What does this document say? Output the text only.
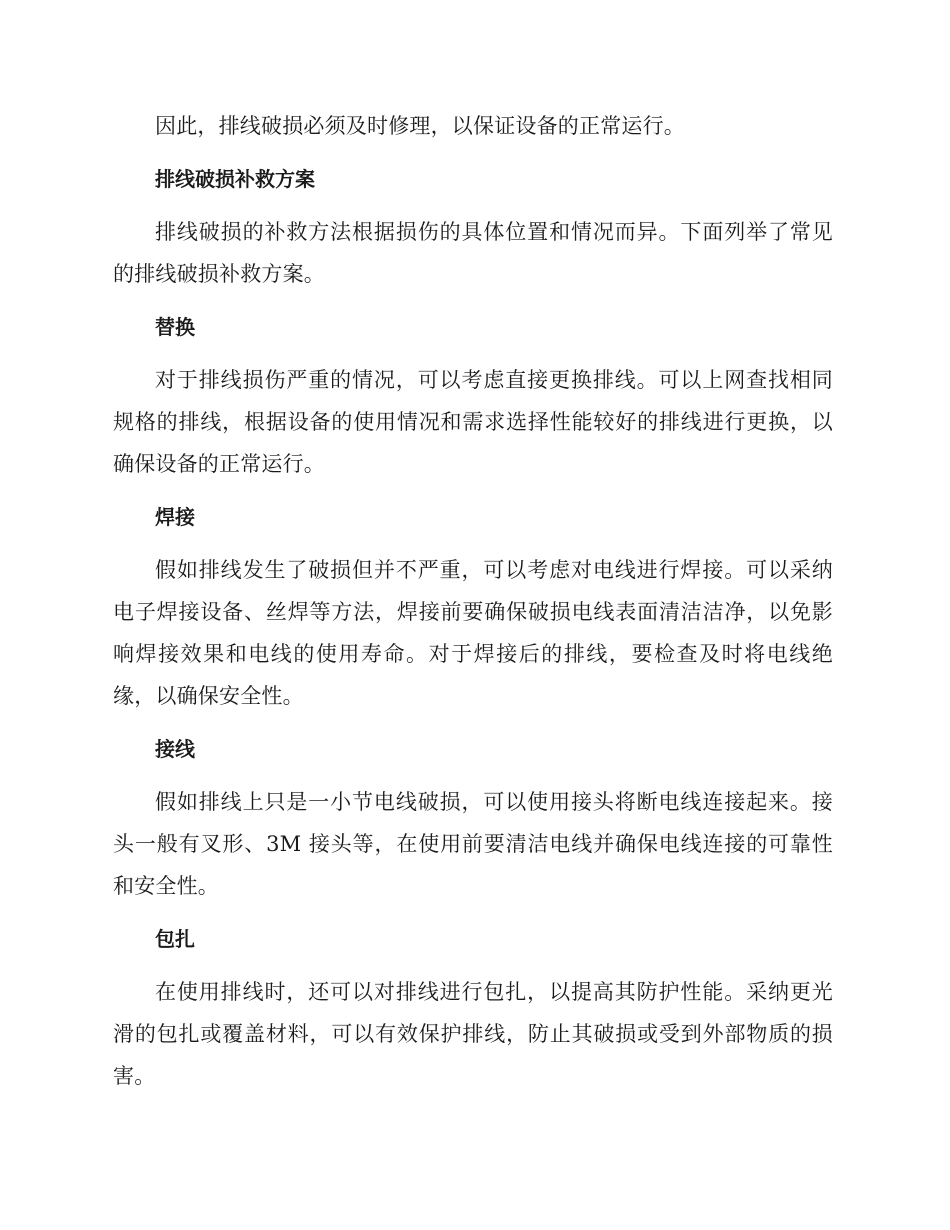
因此，排线破损必须及时修理，以保证设备的正常运行。

排线破损补救方案

排线破损的补救方法根据损伤的具体位置和情况而异。下面列举了常见的排线破损补救方案。

替换

对于排线损伤严重的情况，可以考虑直接更换排线。可以上网查找相同规格的排线，根据设备的使用情况和需求选择性能较好的排线进行更换，以确保设备的正常运行。

焊接

假如排线发生了破损但并不严重，可以考虑对电线进行焊接。可以采纳电子焊接设备、丝焊等方法，焊接前要确保破损电线表面清洁洁净，以免影响焊接效果和电线的使用寿命。对于焊接后的排线，要检查及时将电线绝缘，以确保安全性。

接线

假如排线上只是一小节电线破损，可以使用接头将断电线连接起来。接头一般有叉形、3M 接头等，在使用前要清洁电线并确保电线连接的可靠性和安全性。

包扎

在使用排线时，还可以对排线进行包扎，以提高其防护性能。采纳更光滑的包扎或覆盖材料，可以有效保护排线，防止其破损或受到外部物质的损害。
